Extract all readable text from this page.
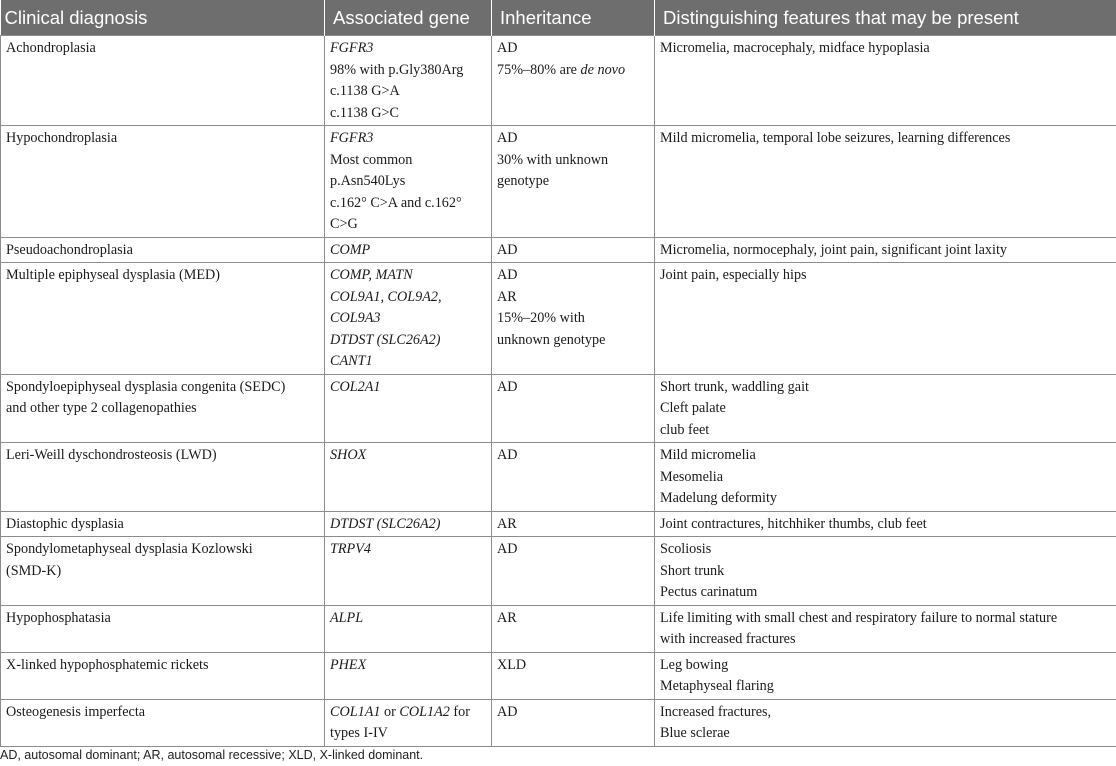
Clinical diagnosis	Associated gene	Inheritance	Distinguishing features that may be present

Achondroplasia	FGFR3
98% with p.Gly380Arg
c.1138 G>A
c.1138 G>C	AD
75%–80% are de novo	Micromelia, macrocephaly, midface hypoplasia

Hypochondroplasia	FGFR3
Most common
p.Asn540Lys
c.162° C>A and c.162°
C>G	AD
30% with unknown
genotype	Mild micromelia, temporal lobe seizures, learning differences

Pseudoachondroplasia	COMP	AD	Micromelia, normocephaly, joint pain, significant joint laxity

Multiple epiphyseal dysplasia (MED)	COMP, MATN
COL9A1, COL9A2,
COL9A3
DTDST (SLC26A2)
CANT1	AD
AR
15%–20% with
unknown genotype	Joint pain, especially hips

Spondyloepiphyseal dysplasia congenita (SEDC)
and other type 2 collagenopathies	COL2A1	AD	Short trunk, waddling gait
Cleft palate
club feet

Leri-Weill dyschondrosteosis (LWD)	SHOX	AD	Mild micromelia
Mesomelia
Madelung deformity

Diastophic dysplasia	DTDST (SLC26A2)	AR	Joint contractures, hitchhiker thumbs, club feet

Spondylometaphyseal dysplasia Kozlowski
(SMD-K)	TRPV4	AD	Scoliosis
Short trunk
Pectus carinatum

Hypophosphatasia	ALPL	AR	Life limiting with small chest and respiratory failure to normal stature
with increased fractures

X-linked hypophosphatemic rickets	PHEX	XLD	Leg bowing
Metaphyseal flaring

Osteogenesis imperfecta	COL1A1 or COL1A2 for
types I-IV	AD	Increased fractures,
Blue sclerae
AD, autosomal dominant; AR, autosomal recessive; XLD, X-linked dominant.
